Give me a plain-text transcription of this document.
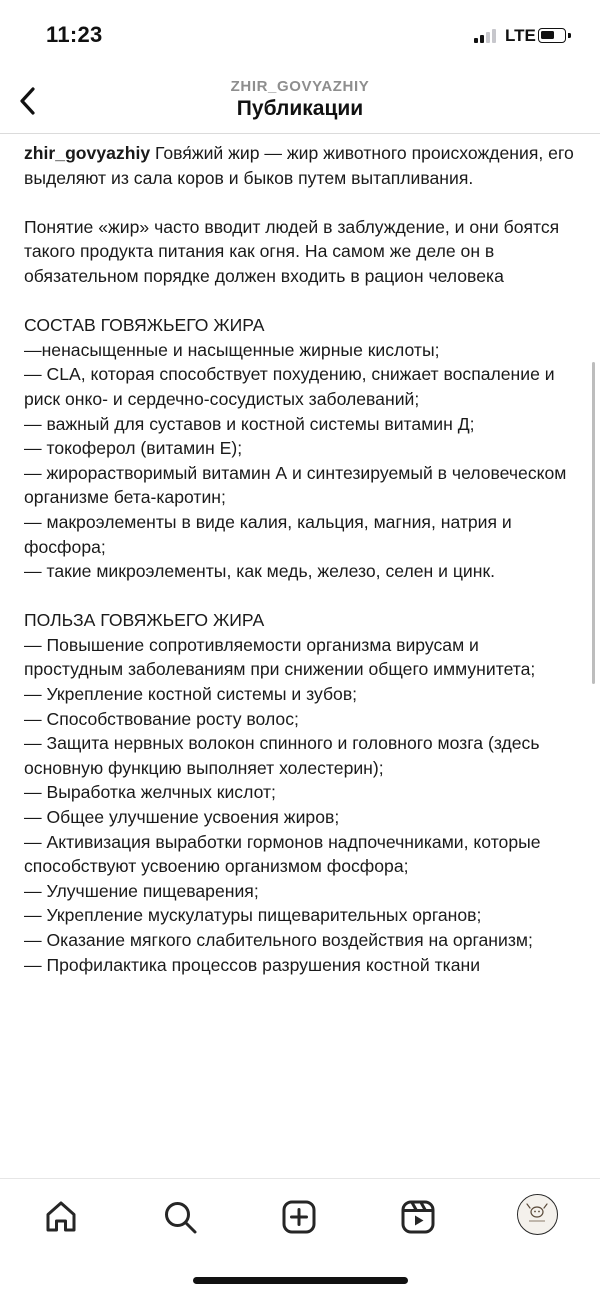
11:23	LTE
ZHIR_GOVYAZHIY
Публикации

zhir_govyazhiy Говя́жий жир — жир животного происхождения, его выделяют из сала коров и быков путем вытапливания.

Понятие «жир» часто вводит людей в заблуждение, и они боятся такого продукта питания как огня. На самом же деле он в обязательном порядке должен входить в рацион человека

СОСТАВ ГОВЯЖЬЕГО ЖИРА

—ненасыщенные и насыщенные жирные кислоты;

— CLA, которая способствует похудению, снижает воспаление и риск онко- и сердечно-сосудистых заболеваний;

— важный для суставов и костной системы витамин Д;

— токоферол (витамин Е);

— жирорастворимый витамин А и синтезируемый в человеческом организме бета-каротин;

— макроэлементы в виде калия, кальция, магния, натрия и фосфора;

— такие микроэлементы, как медь, железо, селен и цинк.

ПОЛЬЗА ГОВЯЖЬЕГО ЖИРА

— Повышение сопротивляемости организма вирусам и простудным заболеваниям при снижении общего иммунитета;

— Укрепление костной системы и зубов;

— Способствование росту волос;

— Защита нервных волокон спинного и головного мозга (здесь основную функцию выполняет холестерин);

— Выработка желчных кислот;

— Общее улучшение усвоения жиров;

— Активизация выработки гормонов надпочечниками, которые способствуют усвоению организмом фосфора;

— Улучшение пищеварения;

— Укрепление мускулатуры пищеварительных органов;

— Оказание мягкого слабительного воздействия на организм;

— Профилактика процессов разрушения костной ткани
